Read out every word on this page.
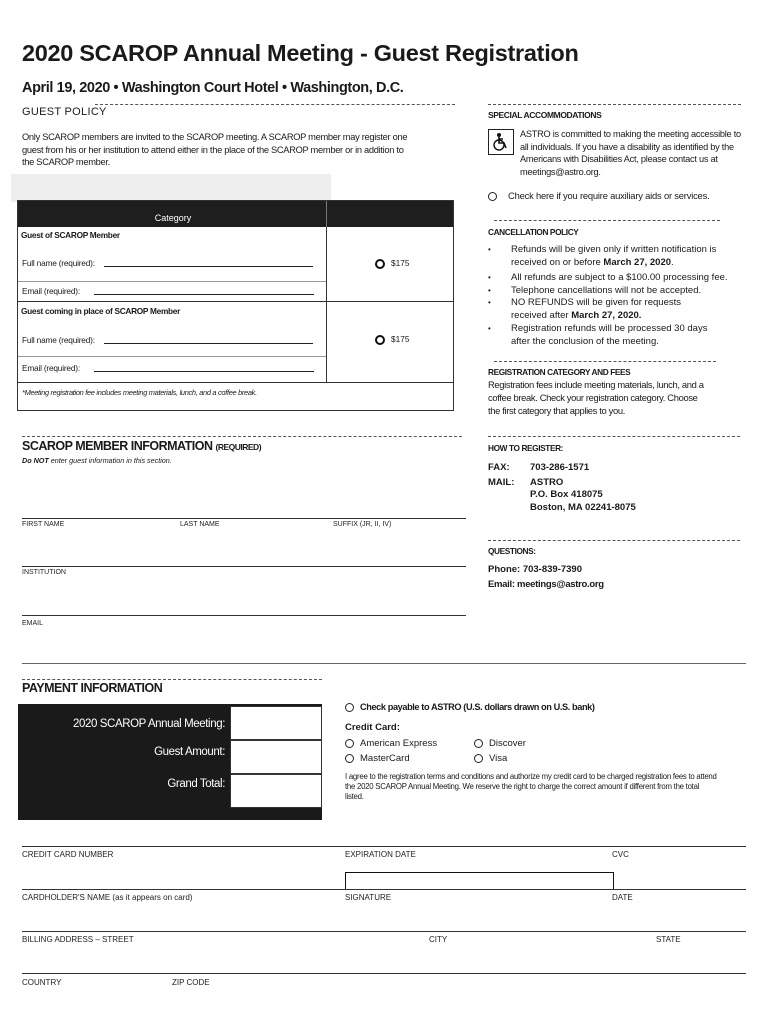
2020 SCAROP Annual Meeting - Guest Registration
April 19, 2020 • Washington Court Hotel • Washington, D.C.
GUEST POLICY
Only SCAROP members are invited to the SCAROP meeting. A SCAROP member may register one guest from his or her institution to attend either in the place of the SCAROP member or in addition to the SCAROP member.
Category
Guest of SCAROP Member
Full name (required):	$175
Email (required):
Guest coming in place of SCAROP Member
Full name (required):	$175
Email (required):
*Meeting registration fee includes meeting materials, lunch, and a coffee break.
SPECIAL ACCOMMODATIONS
ASTRO is committed to making the meeting accessible to all individuals. If you have a disability as identified by the Americans with Disabilities Act, please contact us at meetings@astro.org.
Check here if you require auxiliary aids or services.
CANCELLATION POLICY
• Refunds will be given only if written notification is received on or before March 27, 2020.
• All refunds are subject to a $100.00 processing fee.
• Telephone cancellations will not be accepted.
• NO REFUNDS will be given for requests received after March 27, 2020.
• Registration refunds will be processed 30 days after the conclusion of the meeting.
REGISTRATION CATEGORY AND FEES
Registration fees include meeting materials, lunch, and a coffee break. Check your registration category. Choose the first category that applies to you.
SCAROP MEMBER INFORMATION (REQUIRED)
Do NOT enter guest information in this section.
FIRST NAME	LAST NAME	SUFFIX (JR, II, IV)
INSTITUTION
EMAIL
HOW TO REGISTER:
FAX: 703-286-1571
MAIL: ASTRO
P.O. Box 418075
Boston, MA 02241-8075
QUESTIONS:
Phone: 703-839-7390
Email: meetings@astro.org
PAYMENT INFORMATION
2020 SCAROP Annual Meeting:
Guest Amount:
Grand Total:
Check payable to ASTRO (U.S. dollars drawn on U.S. bank)
Credit Card:
American Express	Discover
MasterCard	Visa
I agree to the registration terms and conditions and authorize my credit card to be charged registration fees to attend the 2020 SCAROP Annual Meeting. We reserve the right to charge the correct amount if different from the total listed.
CREDIT CARD NUMBER	EXPIRATION DATE	CVC
CARDHOLDER'S NAME (as it appears on card)	SIGNATURE	DATE
BILLING ADDRESS – STREET	CITY	STATE
COUNTRY	ZIP CODE
